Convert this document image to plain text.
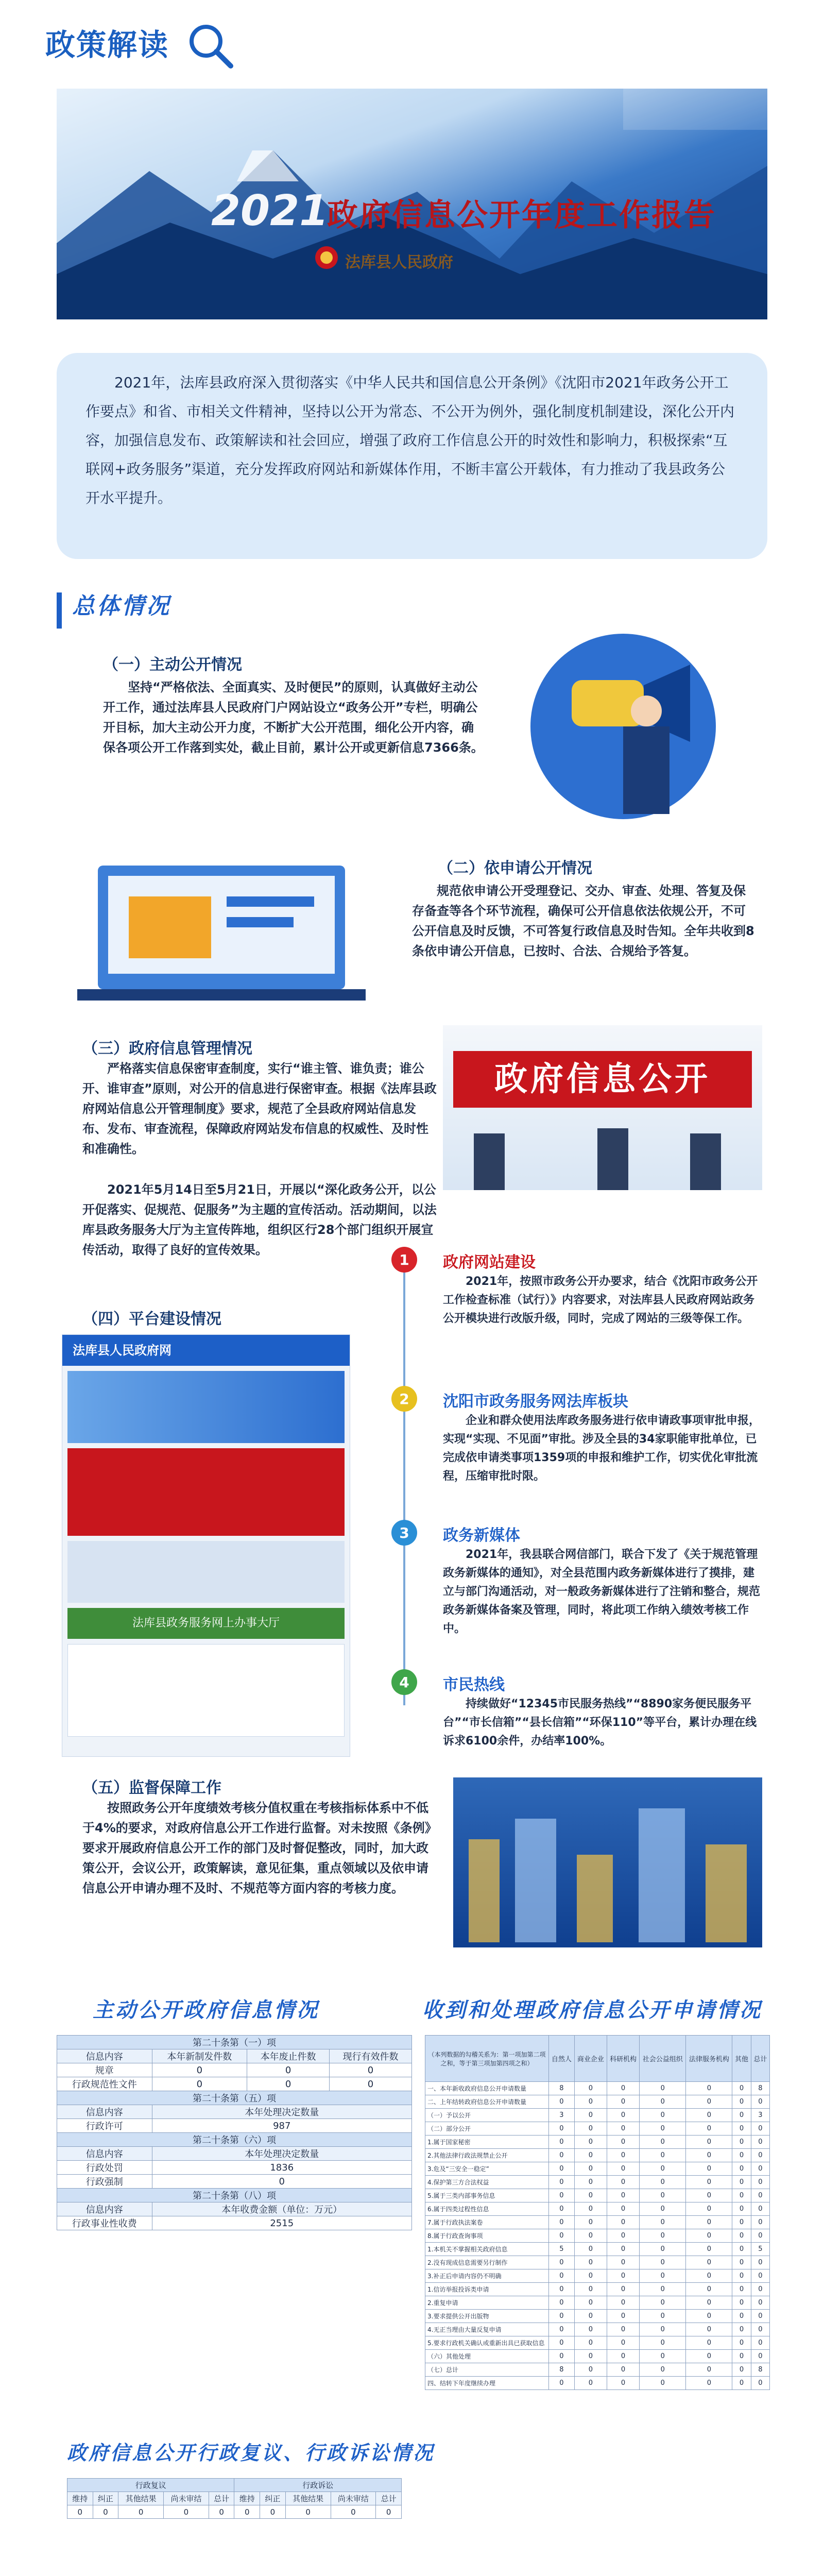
政策解读
2021
政府信息公开年度工作报告
法库县人民政府
2021年，法库县政府深入贯彻落实《中华人民共和国信息公开条例》《沈阳市2021年政务公开工作要点》和省、市相关文件精神，坚持以公开为常态、不公开为例外，强化制度机制建设，深化公开内容，加强信息发布、政策解读和社会回应，增强了政府工作信息公开的时效性和影响力，积极探索“互联网+政务服务”渠道，充分发挥政府网站和新媒体作用，不断丰富公开载体，有力推动了我县政务公开水平提升。
总体情况
（一）主动公开情况
坚持“严格依法、全面真实、及时便民”的原则，认真做好主动公开工作，通过法库县人民政府门户网站设立“政务公开”专栏，明确公开目标，加大主动公开力度，不断扩大公开范围，细化公开内容，确保各项公开工作落到实处，截止目前，累计公开或更新信息7366条。
（二）依申请公开情况
规范依申请公开受理登记、交办、审查、处理、答复及保存备查等各个环节流程，确保可公开信息依法依规公开，不可公开信息及时反馈，不可答复行政信息及时告知。全年共收到8条依申请公开信息，已按时、合法、合规给予答复。
（三）政府信息管理情况
严格落实信息保密审查制度，实行“谁主管、谁负责；谁公开、谁审查”原则，对公开的信息进行保密审查。根据《法库县政府网站信息公开管理制度》要求，规范了全县政府网站信息发布、发布、审查流程，保障政府网站发布信息的权威性、及时性和准确性。
2021年5月14日至5月21日，开展以“深化政务公开，以公开促落实、促规范、促服务”为主题的宣传活动。活动期间，以法库县政务服务大厅为主宣传阵地，组织区行28个部门组织开展宣传活动，取得了良好的宣传效果。
政府信息公开
（四）平台建设情况
法库县人民政府网
法库县政务服务网上办事大厅
1	政府网站建设
2021年，按照市政务公开办要求，结合《沈阳市政务公开工作检查标准（试行）》内容要求，对法库县人民政府网站政务公开模块进行改版升级，同时，完成了网站的三级等保工作。
2	沈阳市政务服务网法库板块
企业和群众使用法库政务服务进行依申请政事项审批申报，实现“实现、不见面”审批。涉及全县的34家职能审批单位，已完成依申请类事项1359项的申报和维护工作，切实优化审批流程，压缩审批时限。
3	政务新媒体
2021年，我县联合网信部门，联合下发了《关于规范管理政务新媒体的通知》，对全县范围内政务新媒体进行了摸排，建立与部门沟通活动，对一般政务新媒体进行了注销和整合，规范政务新媒体备案及管理，同时，将此项工作纳入绩效考核工作中。
4	市民热线
持续做好“12345市民服务热线”“8890家务便民服务平台”“市长信箱”“县长信箱”“环保110”等平台，累计办理在线诉求6100余件，办结率100%。
（五）监督保障工作
按照政务公开年度绩效考核分值权重在考核指标体系中不低于4%的要求，对政府信息公开工作进行监督。对未按照《条例》要求开展政府信息公开工作的部门及时督促整改，同时，加大政策公开，会议公开，政策解读，意见征集，重点领域以及依申请信息公开申请办理不及时、不规范等方面内容的考核力度。
主动公开政府信息情况
第二十条第（一）项			
信息内容	本年新制发件数	本年废止件数	现行有效件数
规章	0	0	0
行政规范性文件	0	0	0
第二十条第（五）项			
信息内容	本年处理决定数量		
行政许可	987		
第二十条第（六）项			
信息内容	本年处理决定数量		
行政处罚	1836		
行政强制	0		
第二十条第（八）项			
信息内容	本年收费金额（单位：万元）		
行政事业性收费	2515		
收到和处理政府信息公开申请情况
（本列数据的勾稽关系为：第一项加第二项之和，等于第三项加第四项之和）	自然人	商业企业	科研机构	社会公益组织	法律服务机构	其他	总计
一、本年新收政府信息公开申请数量	8	0	0	0	0	0	8
二、上年结转政府信息公开申请数量	0	0	0	0	0	0	0
（一）予以公开	3	0	0	0	0	0	3
（二）部分公开	0	0	0	0	0	0	0
1.属于国家秘密	0	0	0	0	0	0	0
2.其他法律行政法规禁止公开	0	0	0	0	0	0	0
3.危及“三安全一稳定”	0	0	0	0	0	0	0
4.保护第三方合法权益	0	0	0	0	0	0	0
5.属于三类内部事务信息	0	0	0	0	0	0	0
6.属于四类过程性信息	0	0	0	0	0	0	0
7.属于行政执法案卷	0	0	0	0	0	0	0
8.属于行政查询事项	0	0	0	0	0	0	0
1.本机关不掌握相关政府信息	5	0	0	0	0	0	5
2.没有现成信息需要另行制作	0	0	0	0	0	0	0
3.补正后申请内容仍不明确	0	0	0	0	0	0	0
1.信访举报投诉类申请	0	0	0	0	0	0	0
2.重复申请	0	0	0	0	0	0	0
3.要求提供公开出版物	0	0	0	0	0	0	0
4.无正当理由大量反复申请	0	0	0	0	0	0	0
5.要求行政机关确认或重新出具已获取信息	0	0	0	0	0	0	0
（六）其他处理	0	0	0	0	0	0	0
（七）总计	8	0	0	0	0	0	8
四、结转下年度继续办理	0	0	0	0	0	0	0
政府信息公开行政复议、行政诉讼情况
行政复议					行政诉讼				
维持	纠正	其他结果	尚未审结	总计	维持	纠正	其他结果	尚未审结	总计
0	0	0	0	0	0	0	0	0	0
